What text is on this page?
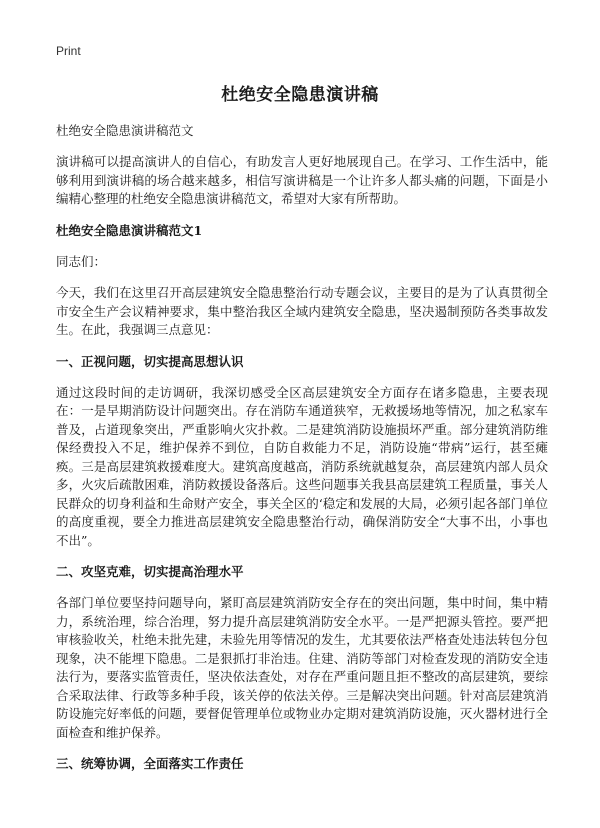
Print
杜绝安全隐患演讲稿
杜绝安全隐患演讲稿范文

演讲稿可以提高演讲人的自信心，有助发言人更好地展现自己。在学习、工作生活中，能够利用到演讲稿的场合越来越多，相信写演讲稿是一个让许多人都头痛的问题，下面是小编精心整理的杜绝安全隐患演讲稿范文，希望对大家有所帮助。

杜绝安全隐患演讲稿范文1

同志们：

今天，我们在这里召开高层建筑安全隐患整治行动专题会议，主要目的是为了认真贯彻全市安全生产会议精神要求，集中整治我区全域内建筑安全隐患，坚决遏制预防各类事故发生。在此，我强调三点意见：

一、正视问题，切实提高思想认识

通过这段时间的走访调研，我深切感受全区高层建筑安全方面存在诸多隐患，主要表现在：一是早期消防设计问题突出。存在消防车通道狭窄，无救援场地等情况，加之私家车普及，占道现象突出，严重影响火灾扑救。二是建筑消防设施损坏严重。部分建筑消防维保经费投入不足，维护保养不到位，自防自救能力不足，消防设施“带病”运行，甚至瘫痪。三是高层建筑救援难度大。建筑高度越高，消防系统就越复杂，高层建筑内部人员众多，火灾后疏散困难，消防救援设备落后。这些问题事关我县高层建筑工程质量，事关人民群众的切身利益和生命财产安全，事关全区的‘稳定和发展的大局，必须引起各部门单位的高度重视，要全力推进高层建筑安全隐患整治行动，确保消防安全“大事不出，小事也不出”。

二、攻坚克难，切实提高治理水平

各部门单位要坚持问题导向，紧盯高层建筑消防安全存在的突出问题，集中时间，集中精力，系统治理，综合治理，努力提升高层建筑消防安全水平。一是严把源头管控。要严把审核验收关，杜绝未批先建，未验先用等情况的发生，尤其要依法严格查处违法转包分包现象，决不能埋下隐患。二是狠抓打非治违。住建、消防等部门对检查发现的消防安全违法行为，要落实监管责任，坚决依法查处，对存在严重问题且拒不整改的高层建筑，要综合采取法律、行政等多种手段，该关停的依法关停。三是解决突出问题。针对高层建筑消防设施完好率低的问题，要督促管理单位或物业办定期对建筑消防设施，灭火器材进行全面检查和维护保养。

三、统筹协调，全面落实工作责任
